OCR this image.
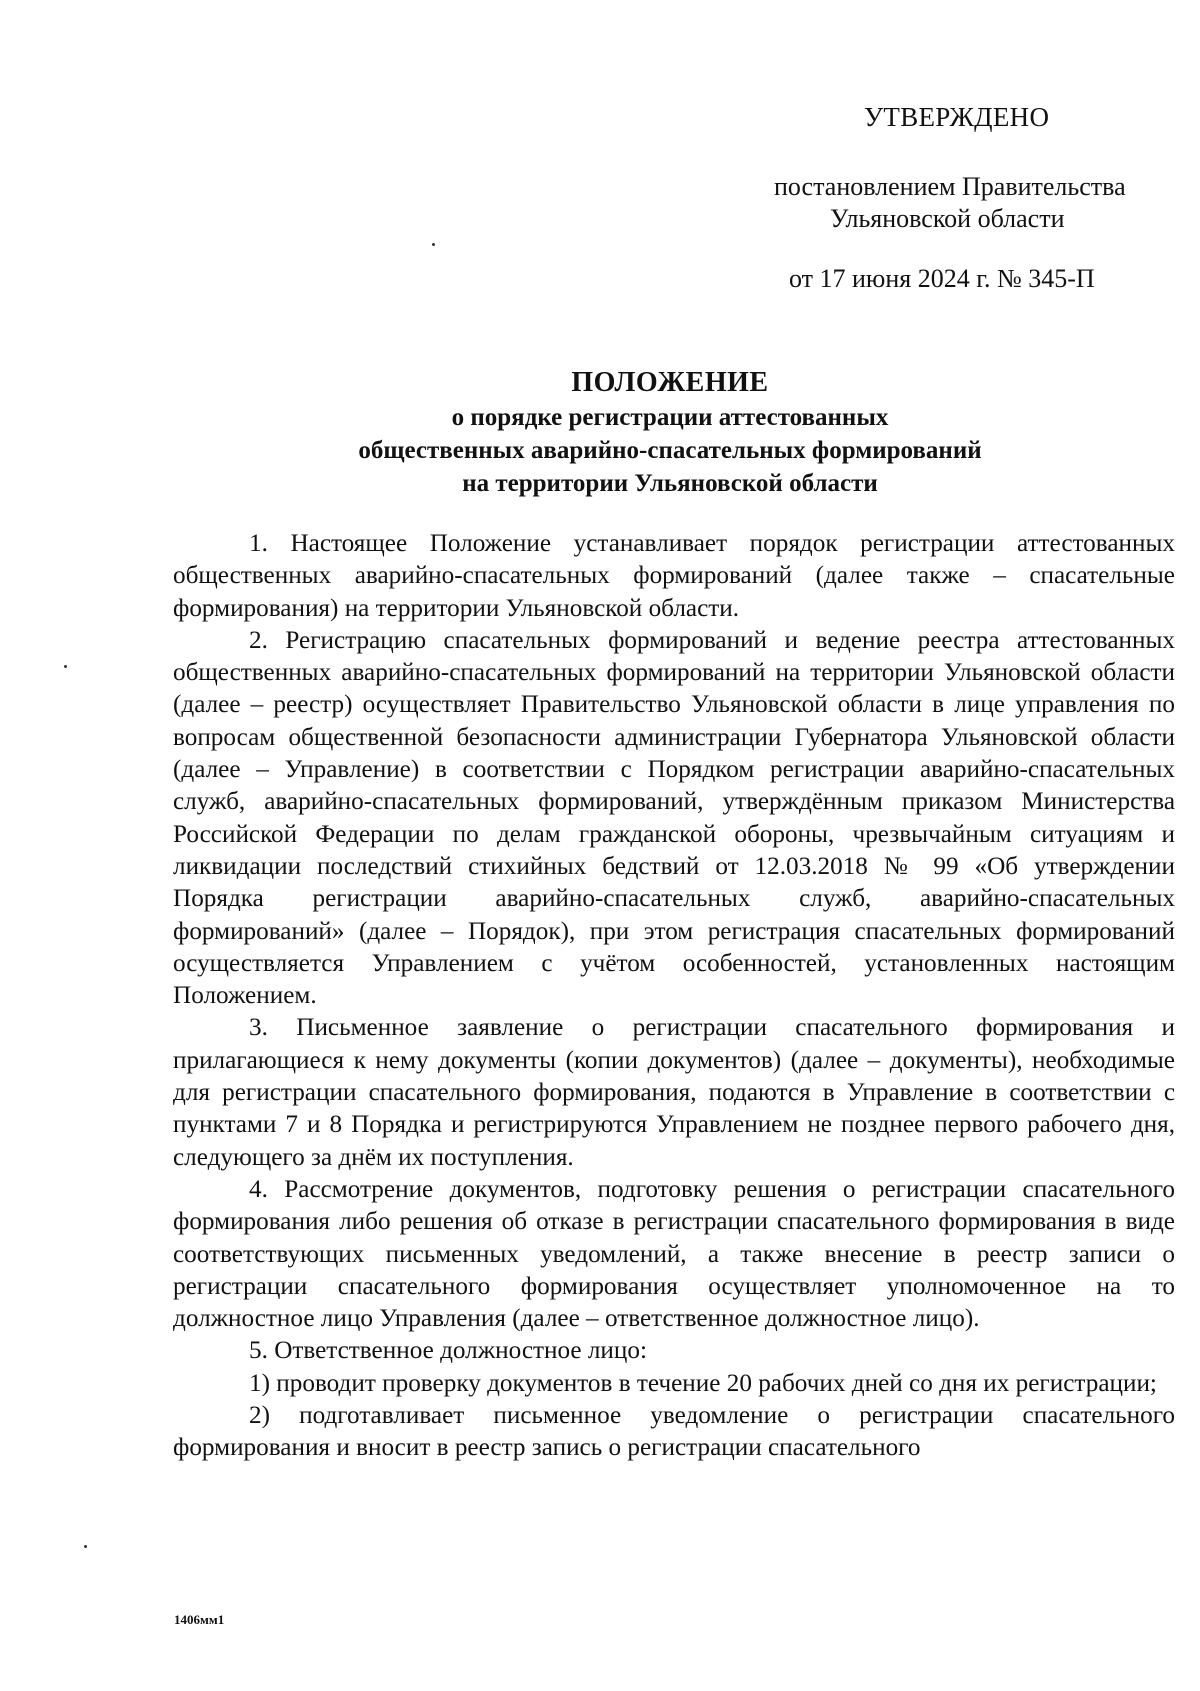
УТВЕРЖДЕНО
постановлением Правительства
Ульяновской области
от 17 июня 2024 г. № 345-П
ПОЛОЖЕНИЕ
о порядке регистрации аттестованных
общественных аварийно-спасательных формирований
на территории Ульяновской области

1. Настоящее Положение устанавливает порядок регистрации аттестованных общественных аварийно-спасательных формирований (далее также – спасательные формирования) на территории Ульяновской области.

2. Регистрацию спасательных формирований и ведение реестра аттестованных общественных аварийно-спасательных формирований на территории Ульяновской области (далее – реестр) осуществляет Правительство Ульяновской области в лице управления по вопросам общественной безопасности администрации Губернатора Ульяновской области (далее – Управление) в соответствии с Порядком регистрации аварийно-спасательных служб, аварийно-спасательных формирований, утверждённым приказом Министерства Российской Федерации по делам гражданской обороны, чрезвычайным ситуациям и ликвидации последствий стихийных бедствий от 12.03.2018 № 99 «Об утверждении Порядка регистрации аварийно-спасательных служб, аварийно-спасательных формирований» (далее – Порядок), при этом регистрация спасательных формирований осуществляется Управлением с учётом особенностей, установленных настоящим Положением.

3. Письменное заявление о регистрации спасательного формирования и прилагающиеся к нему документы (копии документов) (далее – документы), необходимые для регистрации спасательного формирования, подаются в Управление в соответствии с пунктами 7 и 8 Порядка и регистрируются Управлением не позднее первого рабочего дня, следующего за днём их поступления.

4. Рассмотрение документов, подготовку решения о регистрации спасательного формирования либо решения об отказе в регистрации спасательного формирования в виде соответствующих письменных уведомлений, а также внесение в реестр записи о регистрации спасательного формирования осуществляет уполномоченное на то должностное лицо Управления (далее – ответственное должностное лицо).

5. Ответственное должностное лицо:

1) проводит проверку документов в течение 20 рабочих дней со дня их регистрации;

2) подготавливает письменное уведомление о регистрации спасательного формирования и вносит в реестр запись о регистрации спасательного

1406мм1
